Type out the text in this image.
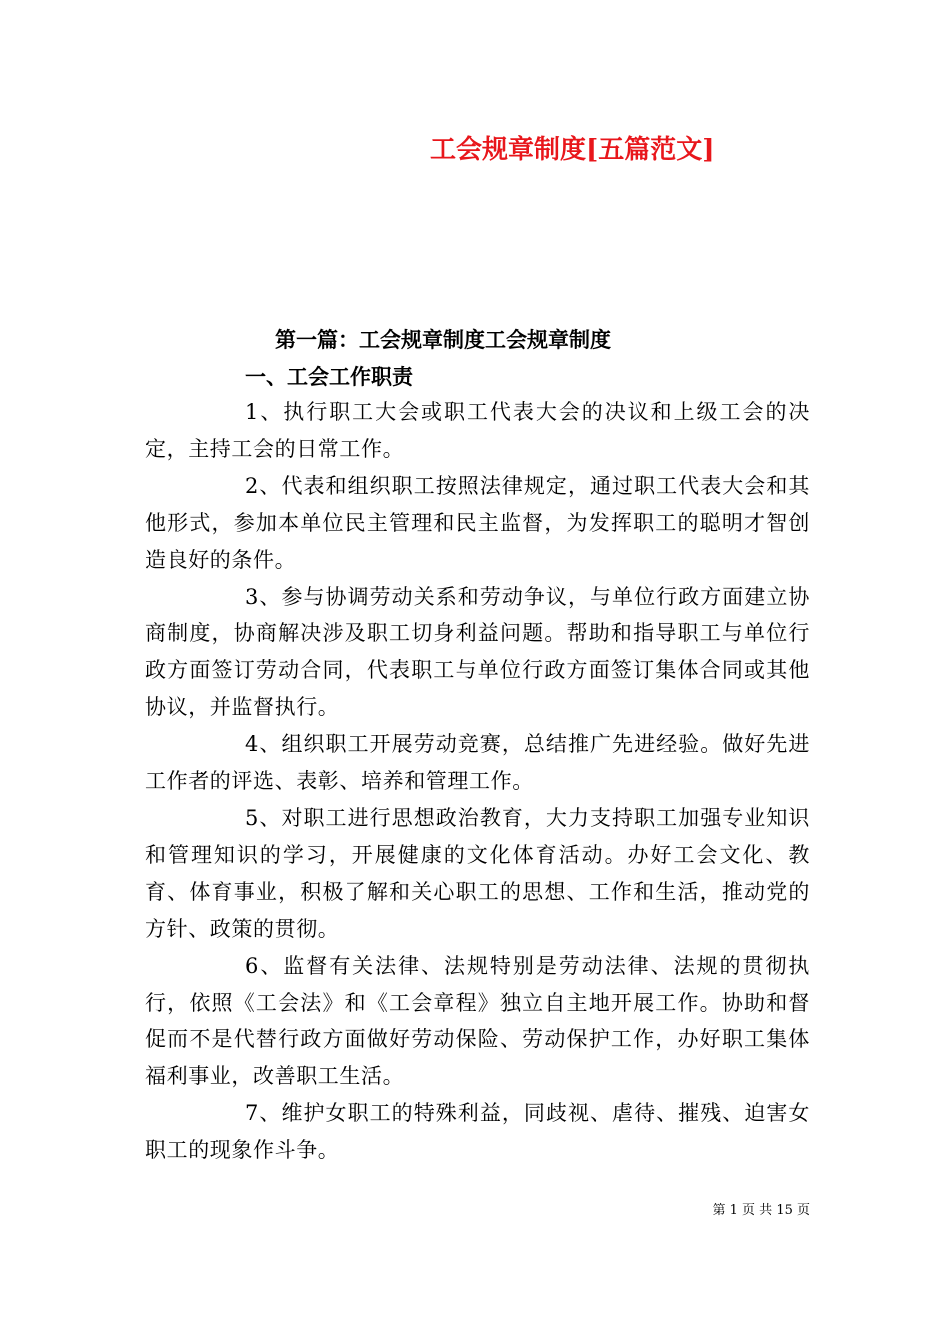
工会规章制度[五篇范文]
第一篇：工会规章制度工会规章制度
一、工会工作职责

1、执行职工大会或职工代表大会的决议和上级工会的决定，主持工会的日常工作。

2、代表和组织职工按照法律规定，通过职工代表大会和其他形式，参加本单位民主管理和民主监督，为发挥职工的聪明才智创造良好的条件。

3、参与协调劳动关系和劳动争议，与单位行政方面建立协商制度，协商解决涉及职工切身利益问题。帮助和指导职工与单位行政方面签订劳动合同，代表职工与单位行政方面签订集体合同或其他协议，并监督执行。

4、组织职工开展劳动竞赛，总结推广先进经验。做好先进工作者的评选、表彰、培养和管理工作。

5、对职工进行思想政治教育，大力支持职工加强专业知识和管理知识的学习，开展健康的文化体育活动。办好工会文化、教育、体育事业，积极了解和关心职工的思想、工作和生活，推动党的方针、政策的贯彻。

6、监督有关法律、法规特别是劳动法律、法规的贯彻执行，依照《工会法》和《工会章程》独立自主地开展工作。协助和督促而不是代替行政方面做好劳动保险、劳动保护工作，办好职工集体福利事业，改善职工生活。

7、维护女职工的特殊利益，同歧视、虐待、摧残、迫害女职工的现象作斗争。

第 1 页 共 15 页
